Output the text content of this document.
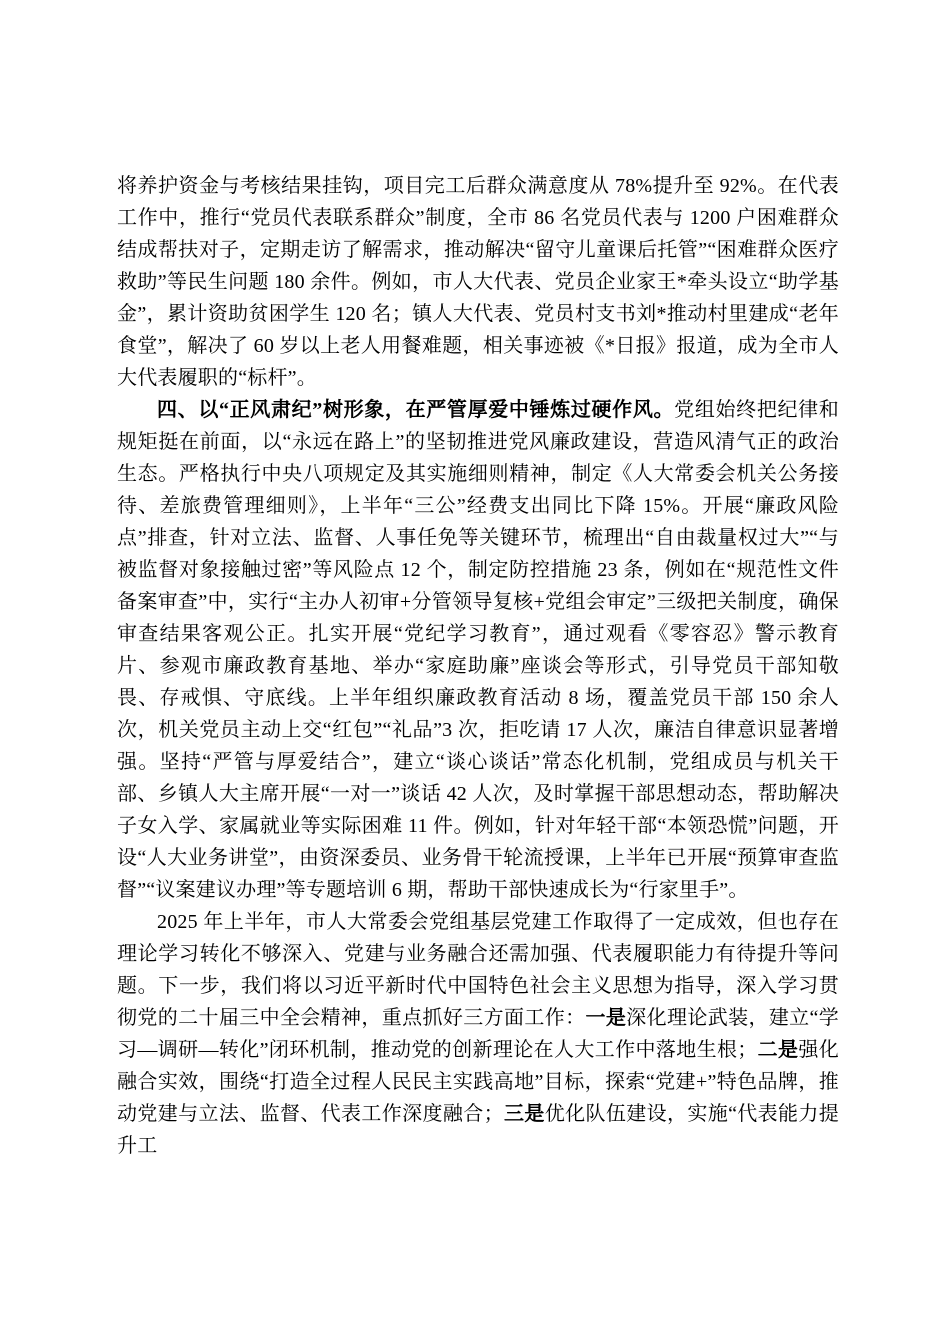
将养护资金与考核结果挂钩，项目完工后群众满意度从 78%提升至 92%。在代表工作中，推行“党员代表联系群众”制度，全市 86 名党员代表与 1200 户困难群众结成帮扶对子，定期走访了解需求，推动解决“留守儿童课后托管”“困难群众医疗救助”等民生问题 180 余件。例如，市人大代表、党员企业家王*牵头设立“助学基金”，累计资助贫困学生 120 名；镇人大代表、党员村支书刘*推动村里建成“老年食堂”，解决了 60 岁以上老人用餐难题，相关事迹被《*日报》报道，成为全市人大代表履职的“标杆”。

四、以“正风肃纪”树形象，在严管厚爱中锤炼过硬作风。党组始终把纪律和规矩挺在前面，以“永远在路上”的坚韧推进党风廉政建设，营造风清气正的政治生态。严格执行中央八项规定及其实施细则精神，制定《人大常委会机关公务接待、差旅费管理细则》，上半年“三公”经费支出同比下降 15%。开展“廉政风险点”排查，针对立法、监督、人事任免等关键环节，梳理出“自由裁量权过大”“与被监督对象接触过密”等风险点 12 个，制定防控措施 23 条，例如在“规范性文件备案审查”中，实行“主办人初审+分管领导复核+党组会审定”三级把关制度，确保审查结果客观公正。扎实开展“党纪学习教育”，通过观看《零容忍》警示教育片、参观市廉政教育基地、举办“家庭助廉”座谈会等形式，引导党员干部知敬畏、存戒惧、守底线。上半年组织廉政教育活动 8 场，覆盖党员干部 150 余人次，机关党员主动上交“红包”“礼品”3 次，拒吃请 17 人次，廉洁自律意识显著增强。坚持“严管与厚爱结合”，建立“谈心谈话”常态化机制，党组成员与机关干部、乡镇人大主席开展“一对一”谈话 42 人次，及时掌握干部思想动态，帮助解决子女入学、家属就业等实际困难 11 件。例如，针对年轻干部“本领恐慌”问题，开设“人大业务讲堂”，由资深委员、业务骨干轮流授课，上半年已开展“预算审查监督”“议案建议办理”等专题培训 6 期，帮助干部快速成长为“行家里手”。

2025 年上半年，市人大常委会党组基层党建工作取得了一定成效，但也存在理论学习转化不够深入、党建与业务融合还需加强、代表履职能力有待提升等问题。下一步，我们将以习近平新时代中国特色社会主义思想为指导，深入学习贯彻党的二十届三中全会精神，重点抓好三方面工作：一是深化理论武装，建立“学习—调研—转化”闭环机制，推动党的创新理论在人大工作中落地生根；二是强化融合实效，围绕“打造全过程人民民主实践高地”目标，探索“党建+”特色品牌，推动党建与立法、监督、代表工作深度融合；三是优化队伍建设，实施“代表能力提升工
